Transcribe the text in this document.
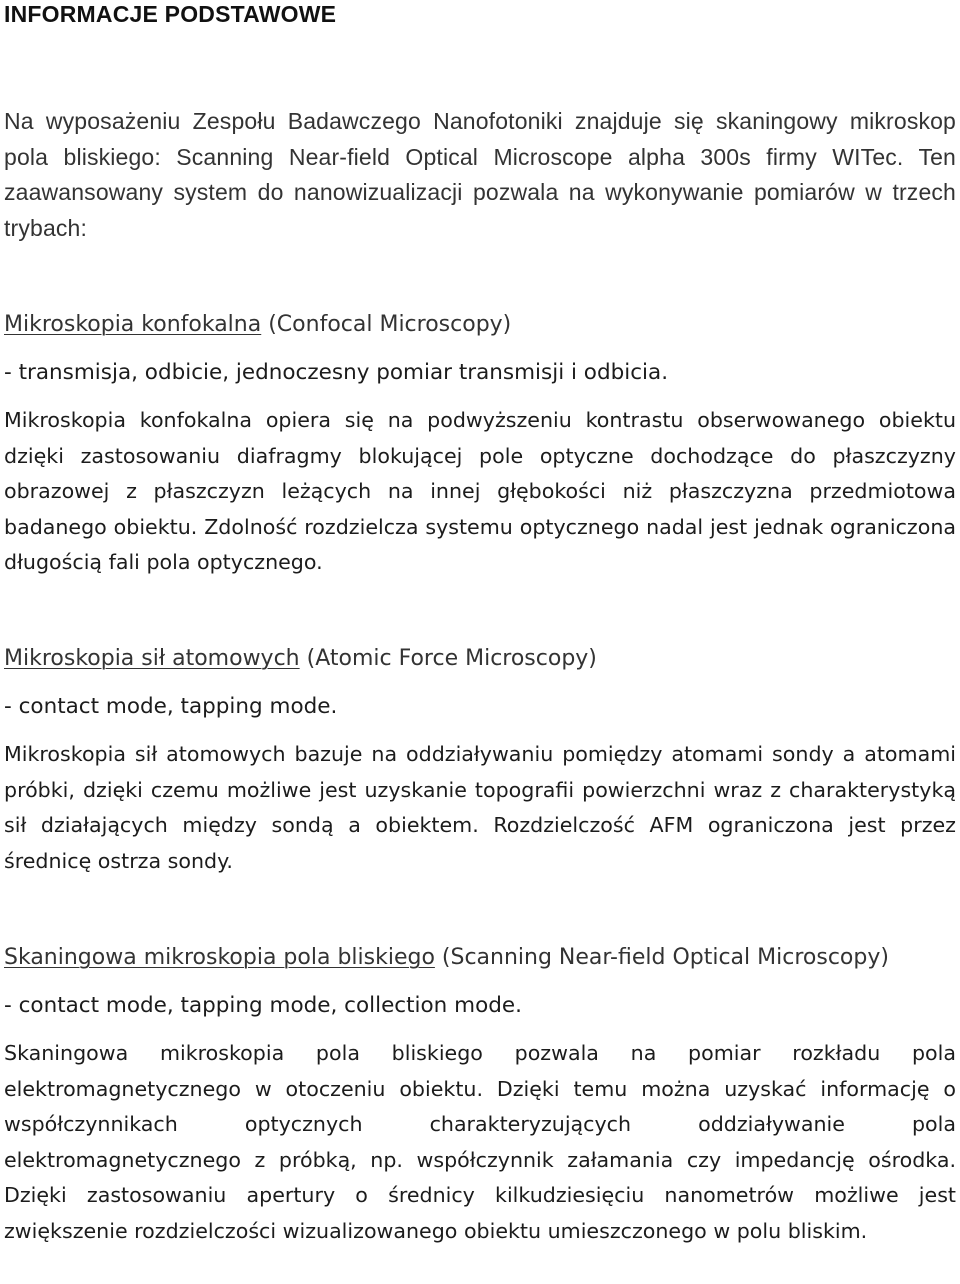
INFORMACJE PODSTAWOWE

Na wyposażeniu Zespołu Badawczego Nanofotoniki znajduje się skaningowy mikroskop pola bliskiego: Scanning Near-field Optical Microscope alpha 300s firmy WITec. Ten zaawansowany system do nanowizualizacji pozwala na wykonywanie pomiarów w trzech trybach:

Mikroskopia konfokalna (Confocal Microscopy)

- transmisja, odbicie, jednoczesny pomiar transmisji i odbicia.

Mikroskopia konfokalna opiera się na podwyższeniu kontrastu obserwowanego obiektu dzięki zastosowaniu diafragmy blokującej pole optyczne dochodzące do płaszczyzny obrazowej z płaszczyzn leżących na innej głębokości niż płaszczyzna przedmiotowa badanego obiektu. Zdolność rozdzielcza systemu optycznego nadal jest jednak ograniczona długością fali pola optycznego.

Mikroskopia sił atomowych (Atomic Force Microscopy)

- contact mode, tapping mode.

Mikroskopia sił atomowych bazuje na oddziaływaniu pomiędzy atomami sondy a atomami próbki, dzięki czemu możliwe jest uzyskanie topografii powierzchni wraz z charakterystyką sił działających między sondą a obiektem. Rozdzielczość AFM ograniczona jest przez średnicę ostrza sondy.

Skaningowa mikroskopia pola bliskiego (Scanning Near-field Optical Microscopy)

- contact mode, tapping mode, collection mode.

Skaningowa mikroskopia pola bliskiego pozwala na pomiar rozkładu pola elektromagnetycznego w otoczeniu obiektu. Dzięki temu można uzyskać informację o współczynnikach optycznych charakteryzujących oddziaływanie pola elektromagnetycznego z próbką, np. współczynnik załamania czy impedancję ośrodka. Dzięki zastosowaniu apertury o średnicy kilkudziesięciu nanometrów możliwe jest zwiększenie rozdzielczości wizualizowanego obiektu umieszczonego w polu bliskim.
